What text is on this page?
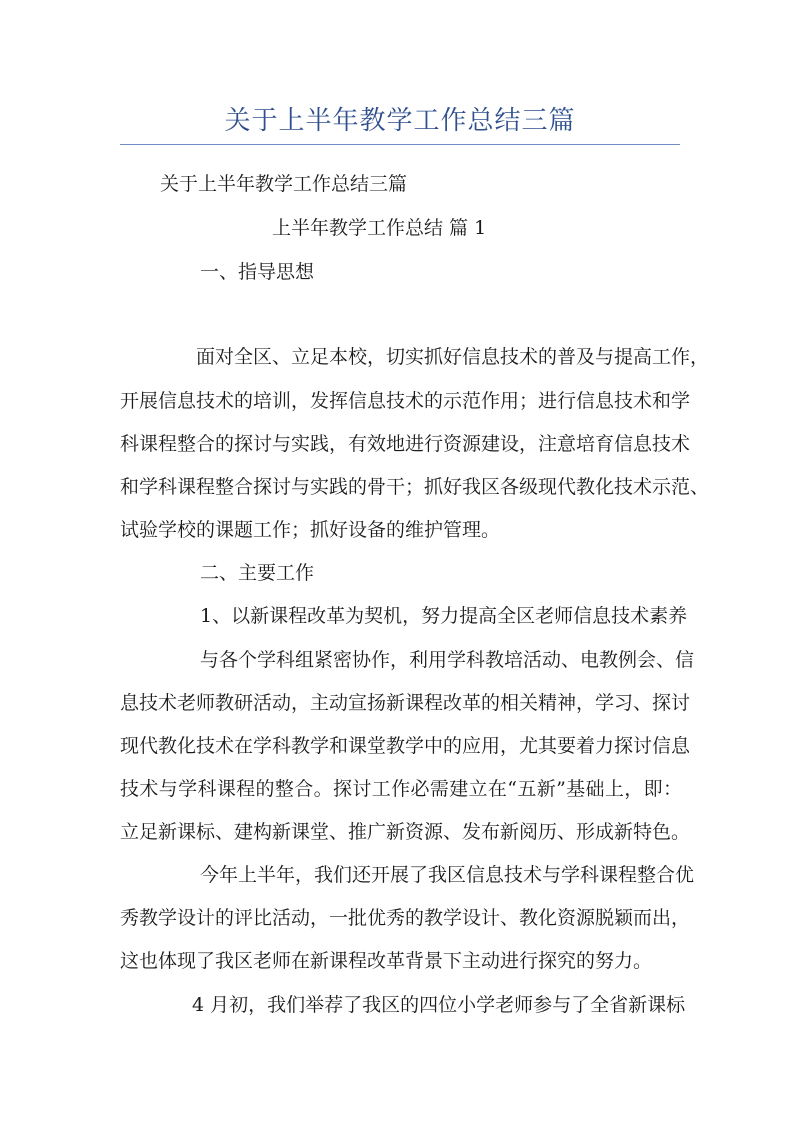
关于上半年教学工作总结三篇

关于上半年教学工作总结三篇

上半年教学工作总结 篇 1

一、指导思想

面对全区、立足本校，切实抓好信息技术的普及与提高工作，

开展信息技术的培训，发挥信息技术的示范作用；进行信息技术和学

科课程整合的探讨与实践，有效地进行资源建设，注意培育信息技术

和学科课程整合探讨与实践的骨干；抓好我区各级现代教化技术示范、

试验学校的课题工作；抓好设备的维护管理。

二、主要工作

1、以新课程改革为契机，努力提高全区老师信息技术素养

与各个学科组紧密协作，利用学科教培活动、电教例会、信

息技术老师教研活动，主动宣扬新课程改革的相关精神，学习、探讨

现代教化技术在学科教学和课堂教学中的应用，尤其要着力探讨信息

技术与学科课程的整合。探讨工作必需建立在“五新”基础上，即：

立足新课标、建构新课堂、推广新资源、发布新阅历、形成新特色。

今年上半年，我们还开展了我区信息技术与学科课程整合优

秀教学设计的评比活动，一批优秀的教学设计、教化资源脱颖而出，

这也体现了我区老师在新课程改革背景下主动进行探究的努力。

4 月初，我们举荐了我区的四位小学老师参与了全省新课标
